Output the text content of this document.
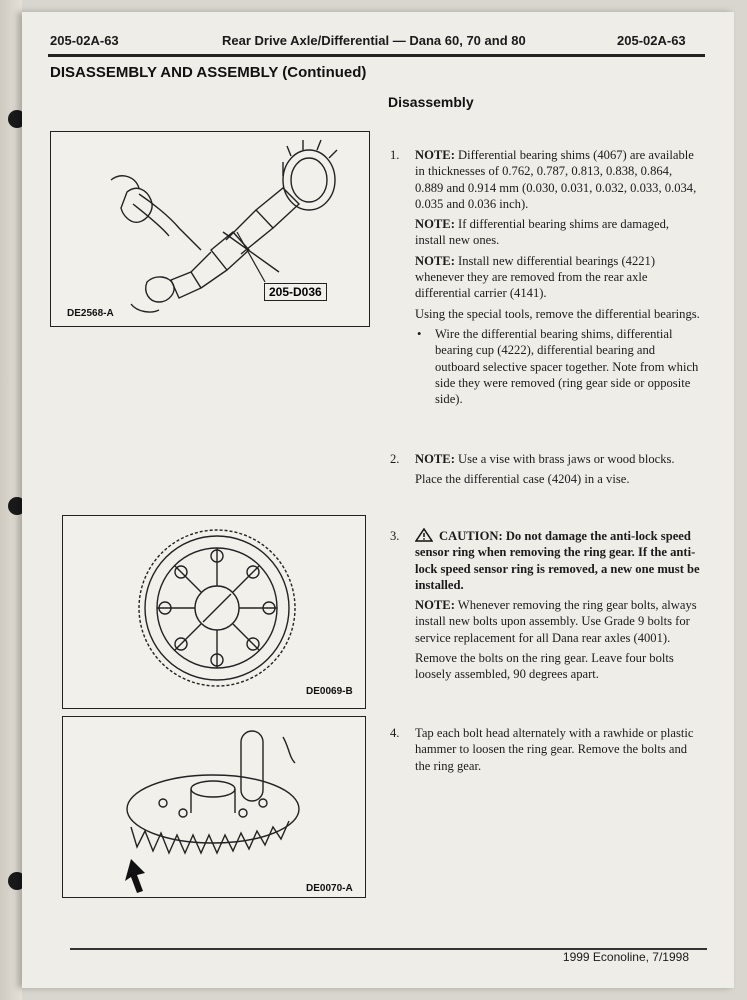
205-02A-63	Rear Drive Axle/Differential — Dana 60, 70 and 80	205-02A-63
DISASSEMBLY AND ASSEMBLY (Continued)
Disassembly
205-D036
DE2568-A
DE0069-B
DE0070-A
1. NOTE: Differential bearing shims (4067) are available in thicknesses of 0.762, 0.787, 0.813, 0.838, 0.864, 0.889 and 0.914 mm (0.030, 0.031, 0.032, 0.033, 0.034, 0.035 and 0.036 inch).

NOTE: If differential bearing shims are damaged, install new ones.

NOTE: Install new differential bearings (4221) whenever they are removed from the rear axle differential carrier (4141).

Using the special tools, remove the differential bearings.

• Wire the differential bearing shims, differential bearing cup (4222), differential bearing and outboard selective spacer together. Note from which side they were removed (ring gear side or opposite side).

2. NOTE: Use a vise with brass jaws or wood blocks.

Place the differential case (4204) in a vise.

3.	CAUTION: Do not damage the anti-lock speed sensor ring when removing the ring gear. If the anti-lock speed sensor ring is removed, a new one must be installed.

NOTE: Whenever removing the ring gear bolts, always install new bolts upon assembly. Use Grade 9 bolts for service replacement for all Dana rear axles (4001).

Remove the bolts on the ring gear. Leave four bolts loosely assembled, 90 degrees apart.

4. Tap each bolt head alternately with a rawhide or plastic hammer to loosen the ring gear. Remove the bolts and the ring gear.

1999 Econoline, 7/1998
